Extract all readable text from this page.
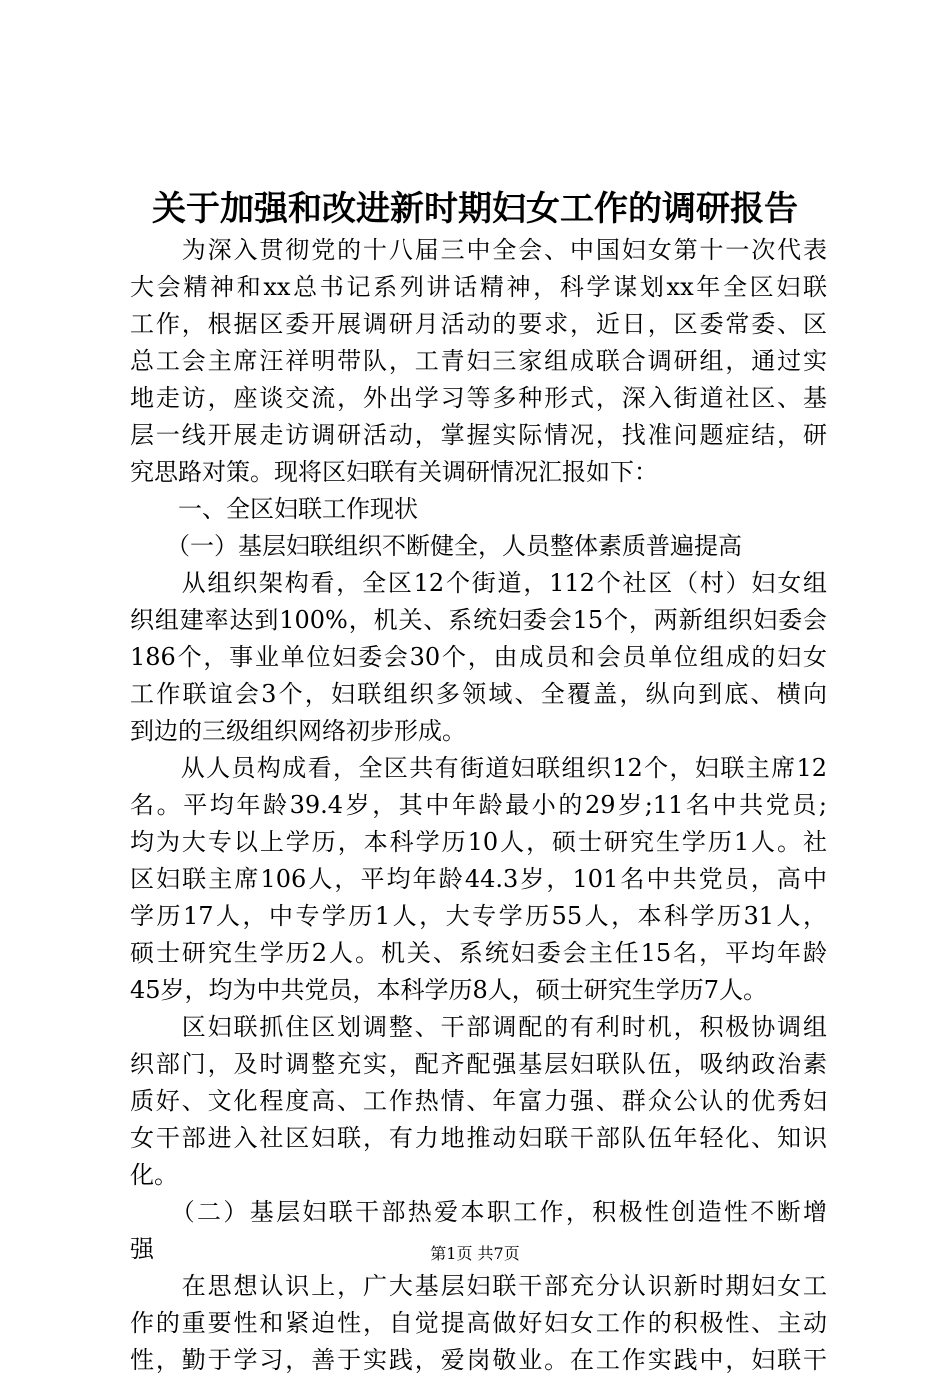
关于加强和改进新时期妇女工作的调研报告
　　为深入贯彻党的十八届三中全会、中国妇女第十一次代表
大会精神和xx总书记系列讲话精神，科学谋划xx年全区妇联
工作，根据区委开展调研月活动的要求，近日，区委常委、区
总工会主席汪祥明带队，工青妇三家组成联合调研组，通过实
地走访，座谈交流，外出学习等多种形式，深入街道社区、基
层一线开展走访调研活动，掌握实际情况，找准问题症结，研
究思路对策。现将区妇联有关调研情况汇报如下：
　　一、全区妇联工作现状
　　（一）基层妇联组织不断健全，人员整体素质普遍提高
　　从组织架构看，全区12个街道，112个社区（村）妇女组
织组建率达到100%，机关、系统妇委会15个，两新组织妇委会
186个，事业单位妇委会30个，由成员和会员单位组成的妇女
工作联谊会3个，妇联组织多领域、全覆盖，纵向到底、横向
到边的三级组织网络初步形成。
　　从人员构成看，全区共有街道妇联组织12个，妇联主席12
名。平均年龄39.4岁，其中年龄最小的29岁;11名中共党员;
均为大专以上学历，本科学历10人，硕士研究生学历1人。社
区妇联主席106人，平均年龄44.3岁，101名中共党员，高中
学历17人，中专学历1人，大专学历55人，本科学历31人，
硕士研究生学历2人。机关、系统妇委会主任15名，平均年龄
45岁，均为中共党员，本科学历8人，硕士研究生学历7人。
　　区妇联抓住区划调整、干部调配的有利时机，积极协调组
织部门，及时调整充实，配齐配强基层妇联队伍，吸纳政治素
质好、文化程度高、工作热情、年富力强、群众公认的优秀妇
女干部进入社区妇联，有力地推动妇联干部队伍年轻化、知识
化。
　　（二）基层妇联干部热爱本职工作，积极性创造性不断增
强
　　在思想认识上，广大基层妇联干部充分认识新时期妇女工
作的重要性和紧迫性，自觉提高做好妇女工作的积极性、主动
性，勤于学习，善于实践，爱岗敬业。在工作实践中，妇联干
第1页 共7页
